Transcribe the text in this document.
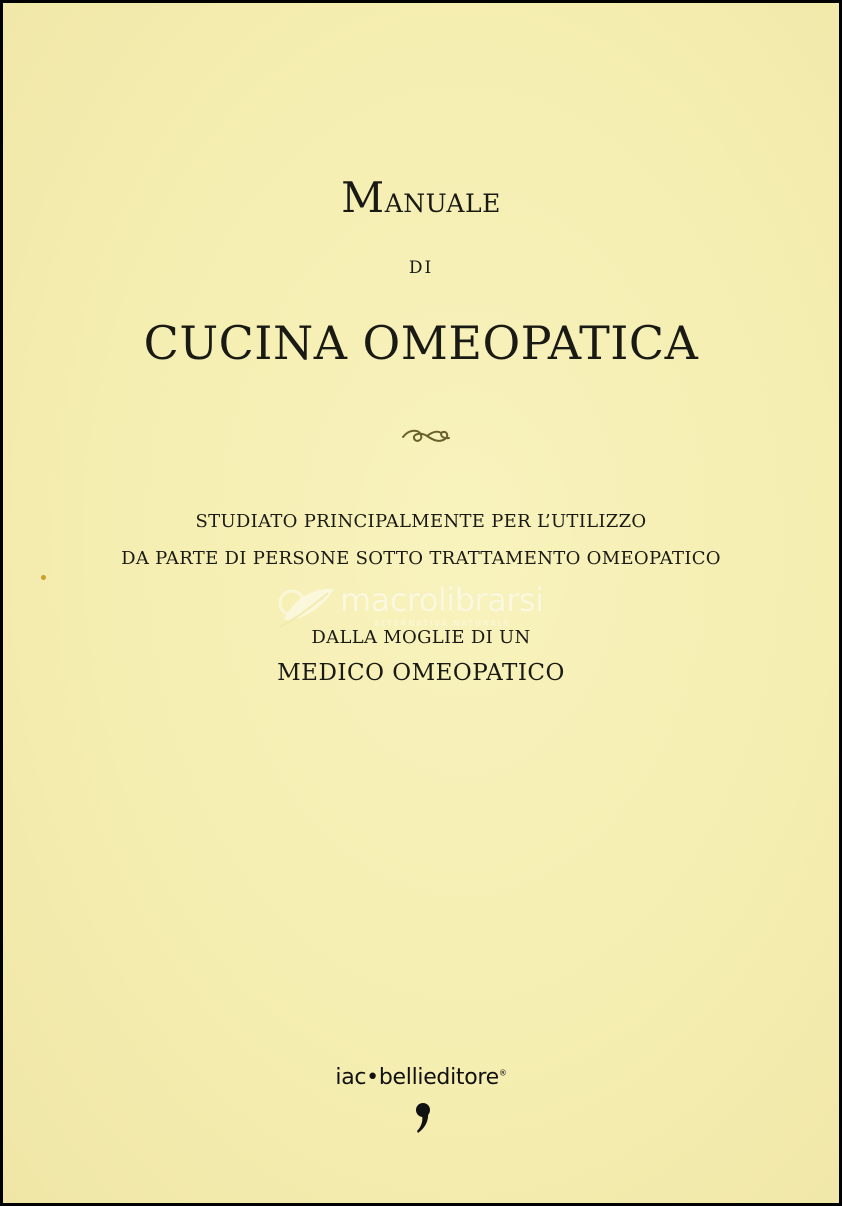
Manuale
DI
CUCINA OMEOPATICA
STUDIATO PRINCIPALMENTE PER L’UTILIZZO
DA PARTE DI PERSONE SOTTO TRATTAMENTO OMEOPATICO
macrolibrarsi
ALTERNATIVA NATURALE
DALLA MOGLIE DI UN
MEDICO OMEOPATICO
iac•bellieditore®
